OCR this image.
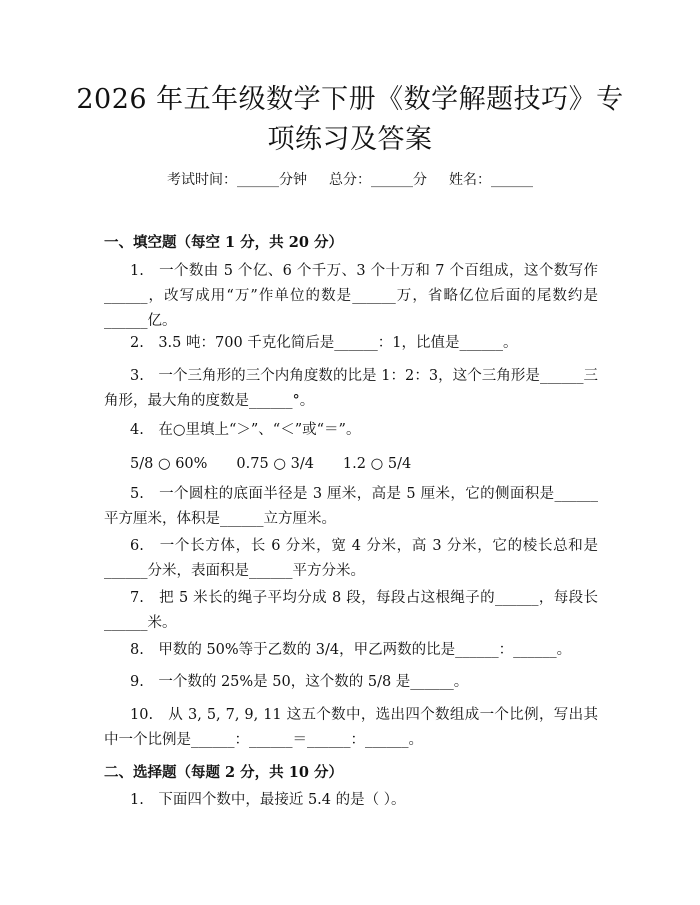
2026 年五年级数学下册《数学解题技巧》专
项练习及答案
考试时间：______分钟 总分：______分 姓名：______
一、填空题（每空 1 分，共 20 分）
1.　一个数由 5 个亿、6 个千万、3 个十万和 7 个百组成，这个数写作______，改写成用“万”作单位的数是______万，省略亿位后面的尾数约是______亿。
2.　3.5 吨：700 千克化简后是______：1，比值是______。
3.　一个三角形的三个内角度数的比是 1：2：3，这个三角形是______三角形，最大角的度数是______°。
4.　在○里填上“＞”、“＜”或“＝”。
5/8 ○ 60%　　0.75 ○ 3/4　　1.2 ○ 5/4
5.　一个圆柱的底面半径是 3 厘米，高是 5 厘米，它的侧面积是______平方厘米，体积是______立方厘米。
6.　一个长方体，长 6 分米，宽 4 分米，高 3 分米，它的棱长总和是______分米，表面积是______平方分米。
7.　把 5 米长的绳子平均分成 8 段，每段占这根绳子的______，每段长______米。
8.　甲数的 50%等于乙数的 3/4，甲乙两数的比是______：______。
9.　一个数的 25%是 50，这个数的 5/8 是______。
10.　从 3, 5, 7, 9, 11 这五个数中，选出四个数组成一个比例，写出其中一个比例是______：______＝______：______。
二、选择题（每题 2 分，共 10 分）
1.　下面四个数中，最接近 5.4 的是（ ）。
